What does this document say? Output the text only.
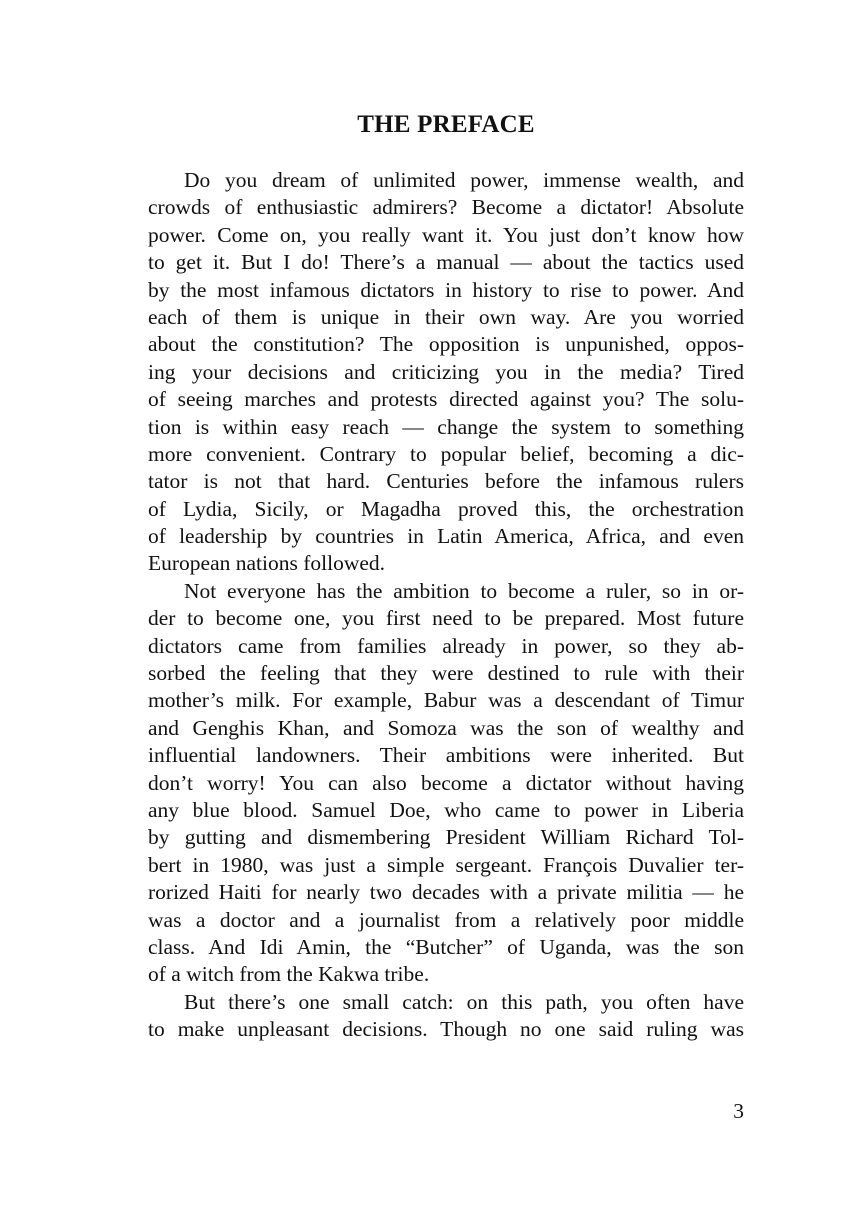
THE PREFACE
Do you dream of unlimited power, immense wealth, and
crowds of enthusiastic admirers? Become a dictator! Absolute
power. Come on, you really want it. You just don’t know how
to get it. But I do! There’s a manual — about the tactics used
by the most infamous dictators in history to rise to power. And
each of them is unique in their own way. Are you worried
about the constitution? The opposition is unpunished, oppos-
ing your decisions and criticizing you in the media? Tired
of seeing marches and protests directed against you? The solu-
tion is within easy reach — change the system to something
more convenient. Contrary to popular belief, becoming a dic-
tator is not that hard. Centuries before the infamous rulers
of Lydia, Sicily, or Magadha proved this, the orchestration
of leadership by countries in Latin America, Africa, and even
European nations followed.
Not everyone has the ambition to become a ruler, so in or-
der to become one, you first need to be prepared. Most future
dictators came from families already in power, so they ab-
sorbed the feeling that they were destined to rule with their
mother’s milk. For example, Babur was a descendant of Timur
and Genghis Khan, and Somoza was the son of wealthy and
influential landowners. Their ambitions were inherited. But
don’t worry! You can also become a dictator without having
any blue blood. Samuel Doe, who came to power in Liberia
by gutting and dismembering President William Richard Tol-
bert in 1980, was just a simple sergeant. François Duvalier ter-
rorized Haiti for nearly two decades with a private militia — he
was a doctor and a journalist from a relatively poor middle
class. And Idi Amin, the “Butcher” of Uganda, was the son
of a witch from the Kakwa tribe.
But there’s one small catch: on this path, you often have
to make unpleasant decisions. Though no one said ruling was
3
